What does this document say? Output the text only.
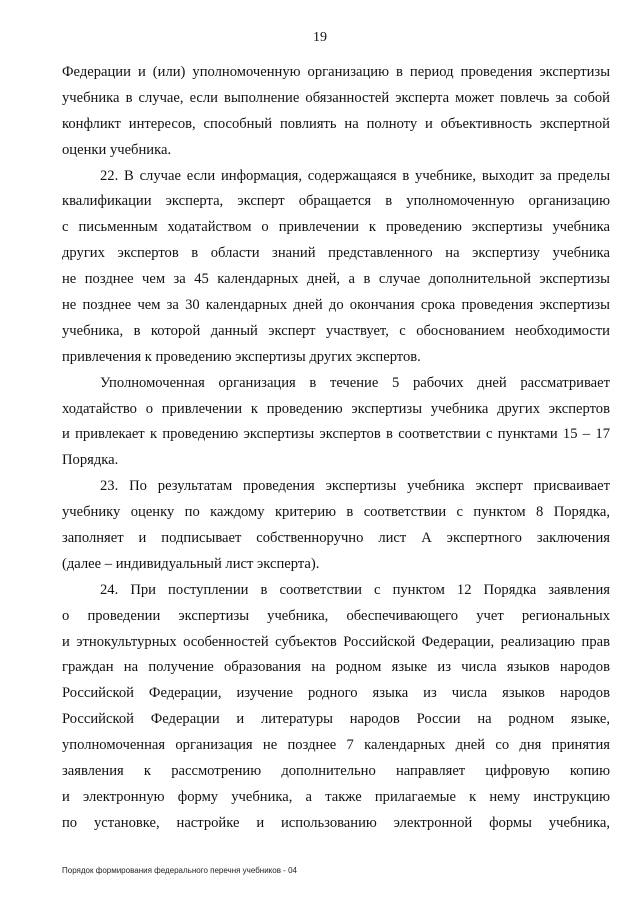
19
Федерации и (или) уполномоченную организацию в период проведения экспертизы
учебника в случае, если выполнение обязанностей эксперта может повлечь за собой
конфликт интересов, способный повлиять на полноту и объективность экспертной
оценки учебника.
22. В случае если информация, содержащаяся в учебнике, выходит за пределы
квалификации эксперта, эксперт обращается в уполномоченную организацию
с письменным ходатайством о привлечении к проведению экспертизы учебника
других экспертов в области знаний представленного на экспертизу учебника
не позднее чем за 45 календарных дней, а в случае дополнительной экспертизы
не позднее чем за 30 календарных дней до окончания срока проведения экспертизы
учебника, в которой данный эксперт участвует, с обоснованием необходимости
привлечения к проведению экспертизы других экспертов.
Уполномоченная организация в течение 5 рабочих дней рассматривает
ходатайство о привлечении к проведению экспертизы учебника других экспертов
и привлекает к проведению экспертизы экспертов в соответствии с пунктами 15 – 17
Порядка.
23. По результатам проведения экспертизы учебника эксперт присваивает
учебнику оценку по каждому критерию в соответствии с пунктом 8 Порядка,
заполняет и подписывает собственноручно лист А экспертного заключения
(далее – индивидуальный лист эксперта).
24. При поступлении в соответствии с пунктом 12 Порядка заявления
о проведении экспертизы учебника, обеспечивающего учет региональных
и этнокультурных особенностей субъектов Российской Федерации, реализацию прав
граждан на получение образования на родном языке из числа языков народов
Российской Федерации, изучение родного языка из числа языков народов
Российской Федерации и литературы народов России на родном языке,
уполномоченная организация не позднее 7 календарных дней со дня принятия
заявления к рассмотрению дополнительно направляет цифровую копию
и электронную форму учебника, а также прилагаемые к нему инструкцию
по установке, настройке и использованию электронной формы учебника,
Порядок формирования федерального перечня учебников - 04
